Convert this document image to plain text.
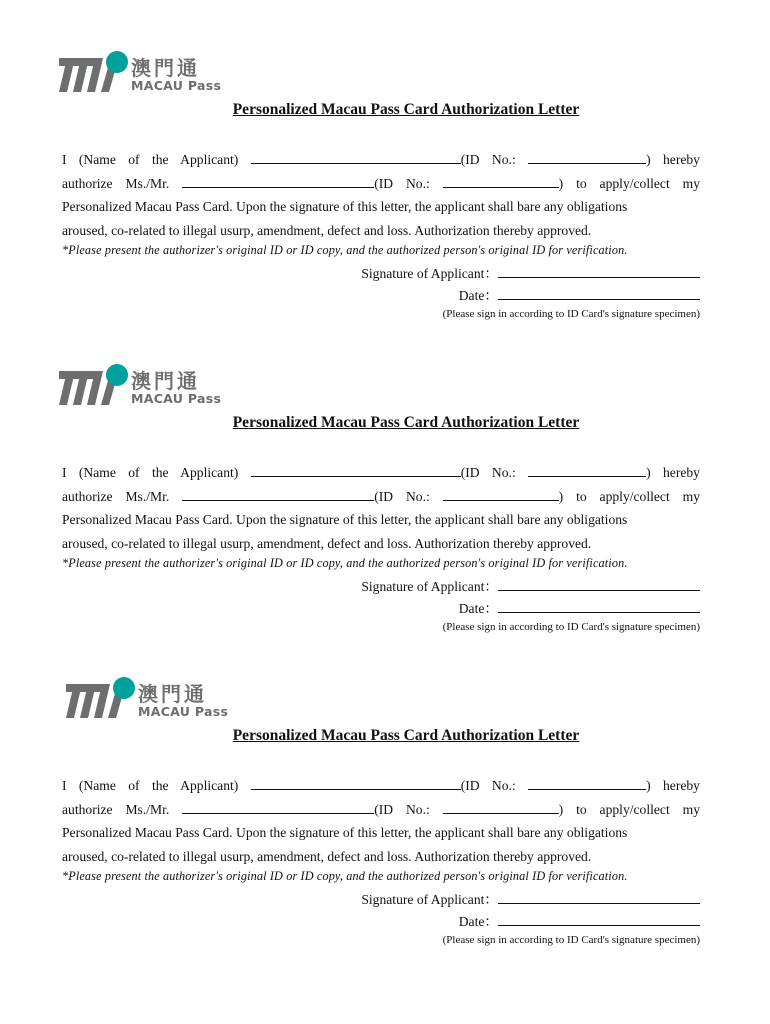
澳門通
MACAU Pass
Personalized Macau Pass Card Authorization Letter
I (Name of the Applicant)	(ID No.:	) hereby
authorize Ms./Mr.	(ID No.:	) to apply/collect my
Personalized Macau Pass Card. Upon the signature of this letter, the applicant shall bare any obligations
aroused, co-related to illegal usurp, amendment, defect and loss. Authorization thereby approved.
*Please present the authorizer's original ID or ID copy, and the authorized person's original ID for verification.
Signature of Applicant：
Date：
(Please sign in according to ID Card's signature specimen)
澳門通
MACAU Pass
Personalized Macau Pass Card Authorization Letter
I (Name of the Applicant)	(ID No.:	) hereby
authorize Ms./Mr.	(ID No.:	) to apply/collect my
Personalized Macau Pass Card. Upon the signature of this letter, the applicant shall bare any obligations
aroused, co-related to illegal usurp, amendment, defect and loss. Authorization thereby approved.
*Please present the authorizer's original ID or ID copy, and the authorized person's original ID for verification.
Signature of Applicant：
Date：
(Please sign in according to ID Card's signature specimen)
澳門通
MACAU Pass
Personalized Macau Pass Card Authorization Letter
I (Name of the Applicant)	(ID No.:	) hereby
authorize Ms./Mr.	(ID No.:	) to apply/collect my
Personalized Macau Pass Card. Upon the signature of this letter, the applicant shall bare any obligations
aroused, co-related to illegal usurp, amendment, defect and loss. Authorization thereby approved.
*Please present the authorizer's original ID or ID copy, and the authorized person's original ID for verification.
Signature of Applicant：
Date：
(Please sign in according to ID Card's signature specimen)
